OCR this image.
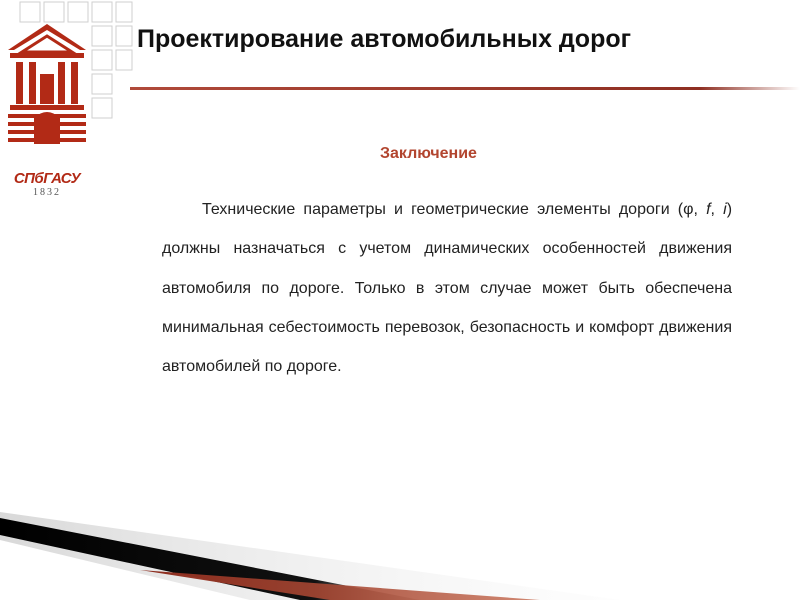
СПбГАСУ
1832
Проектирование автомобильных дорог
Заключение

Технические параметры и геометрические элементы дороги (φ, f, i) должны назначаться с учетом динамических особенностей движения автомобиля по дороге. Только в этом случае может быть обеспечена минимальная себестоимость перевозок, безопасность и комфорт движения автомобилей по дороге.
